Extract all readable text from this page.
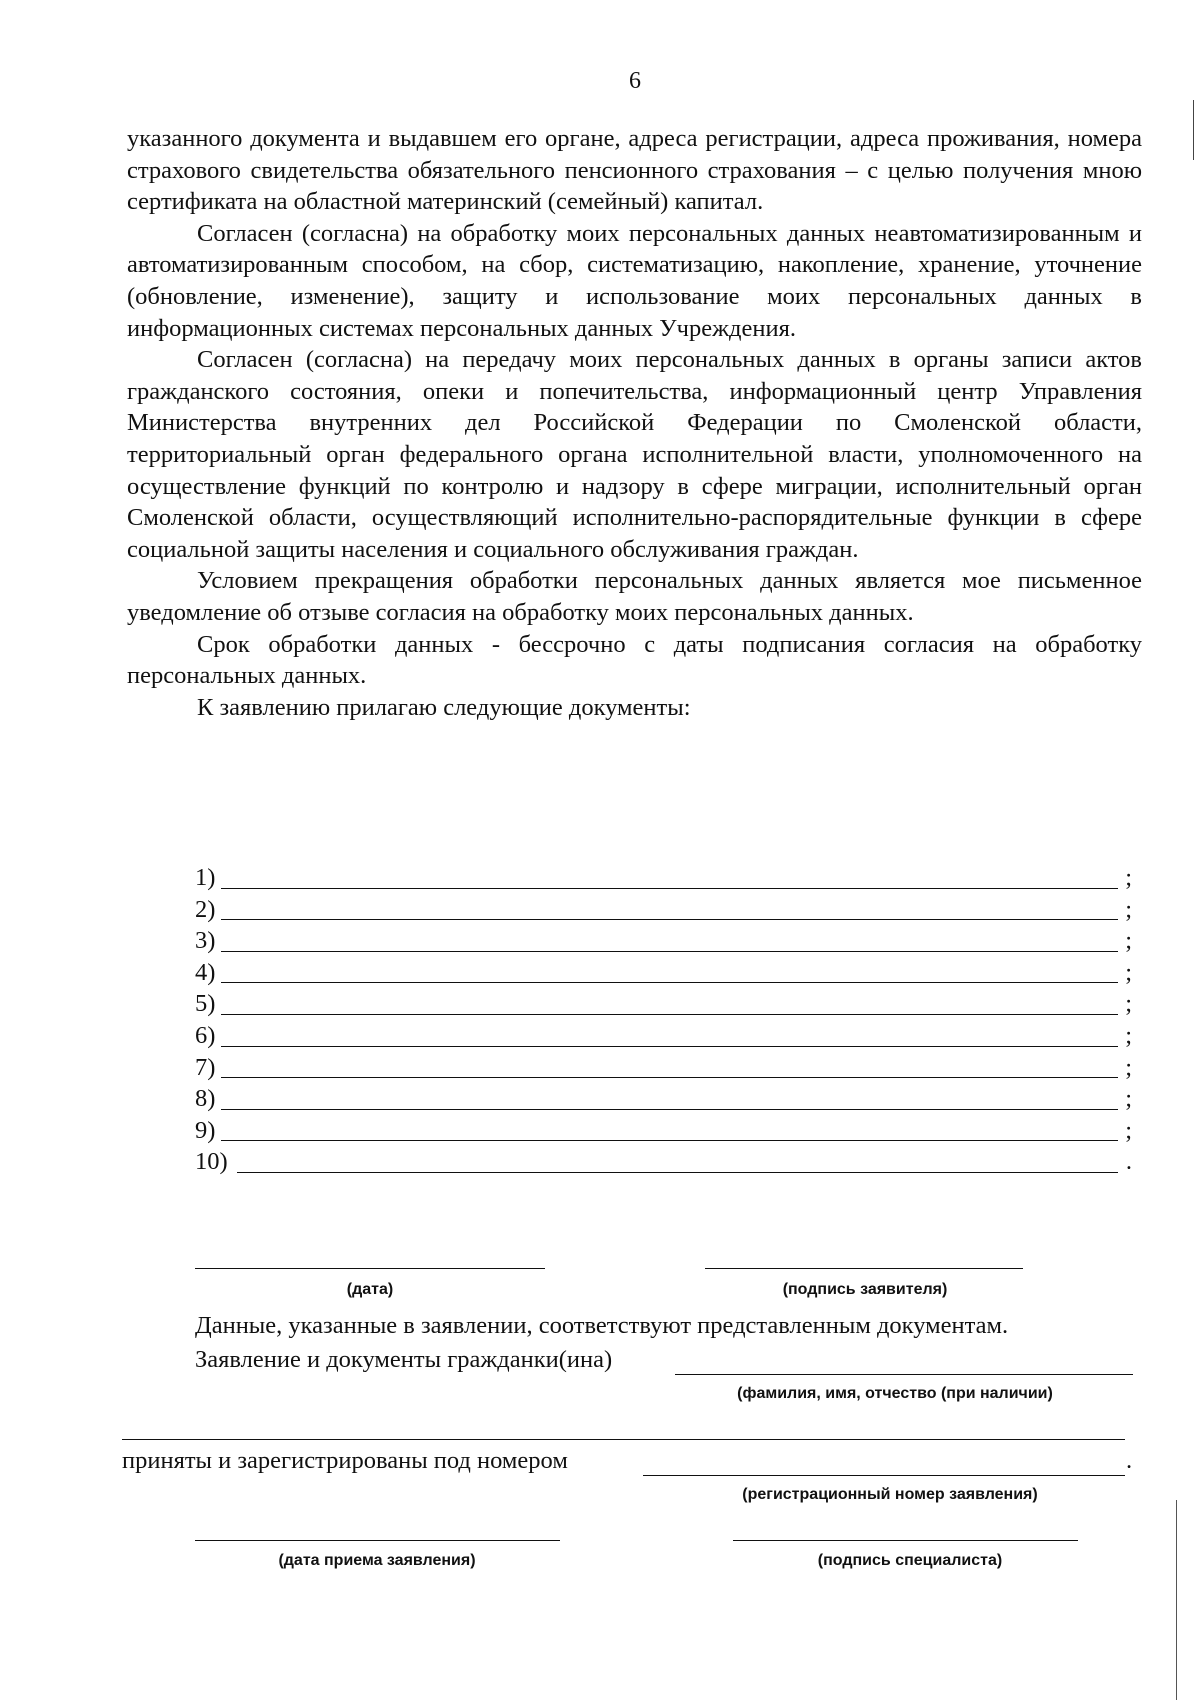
6

указанного документа и выдавшем его органе, адреса регистрации, адреса проживания, номера страхового свидетельства обязательного пенсионного страхования – с целью получения мною сертификата на областной материнский (семейный) капитал.

Согласен (согласна) на обработку моих персональных данных неавтоматизированным и автоматизированным способом, на сбор, систематизацию, накопление, хранение, уточнение (обновление, изменение), защиту и использование моих персональных данных в информационных системах персональных данных Учреждения.

Согласен (согласна) на передачу моих персональных данных в органы записи актов гражданского состояния, опеки и попечительства, информационный центр Управления Министерства внутренних дел Российской Федерации по Смоленской области, территориальный орган федерального органа исполнительной власти, уполномоченного на осуществление функций по контролю и надзору в сфере миграции, исполнительный орган Смоленской области, осуществляющий исполнительно-распорядительные функции в сфере социальной защиты населения и социального обслуживания граждан.

Условием прекращения обработки персональных данных является мое письменное уведомление об отзыве согласия на обработку моих персональных данных.

Срок обработки данных - бессрочно с даты подписания согласия на обработку персональных данных.

К заявлению прилагаю следующие документы:

1)	;
2)	;
3)	;
4)	;
5)	;
6)	;
7)	;
8)	;
9)	;
10)	.
(дата)	(подпись заявителя)
Данные, указанные в заявлении, соответствуют представленным документам.
Заявление и документы гражданки(ина)
(фамилия, имя, отчество (при наличии)
приняты и зарегистрированы под номером	.
(регистрационный номер заявления)
(дата приема заявления)	(подпись специалиста)
